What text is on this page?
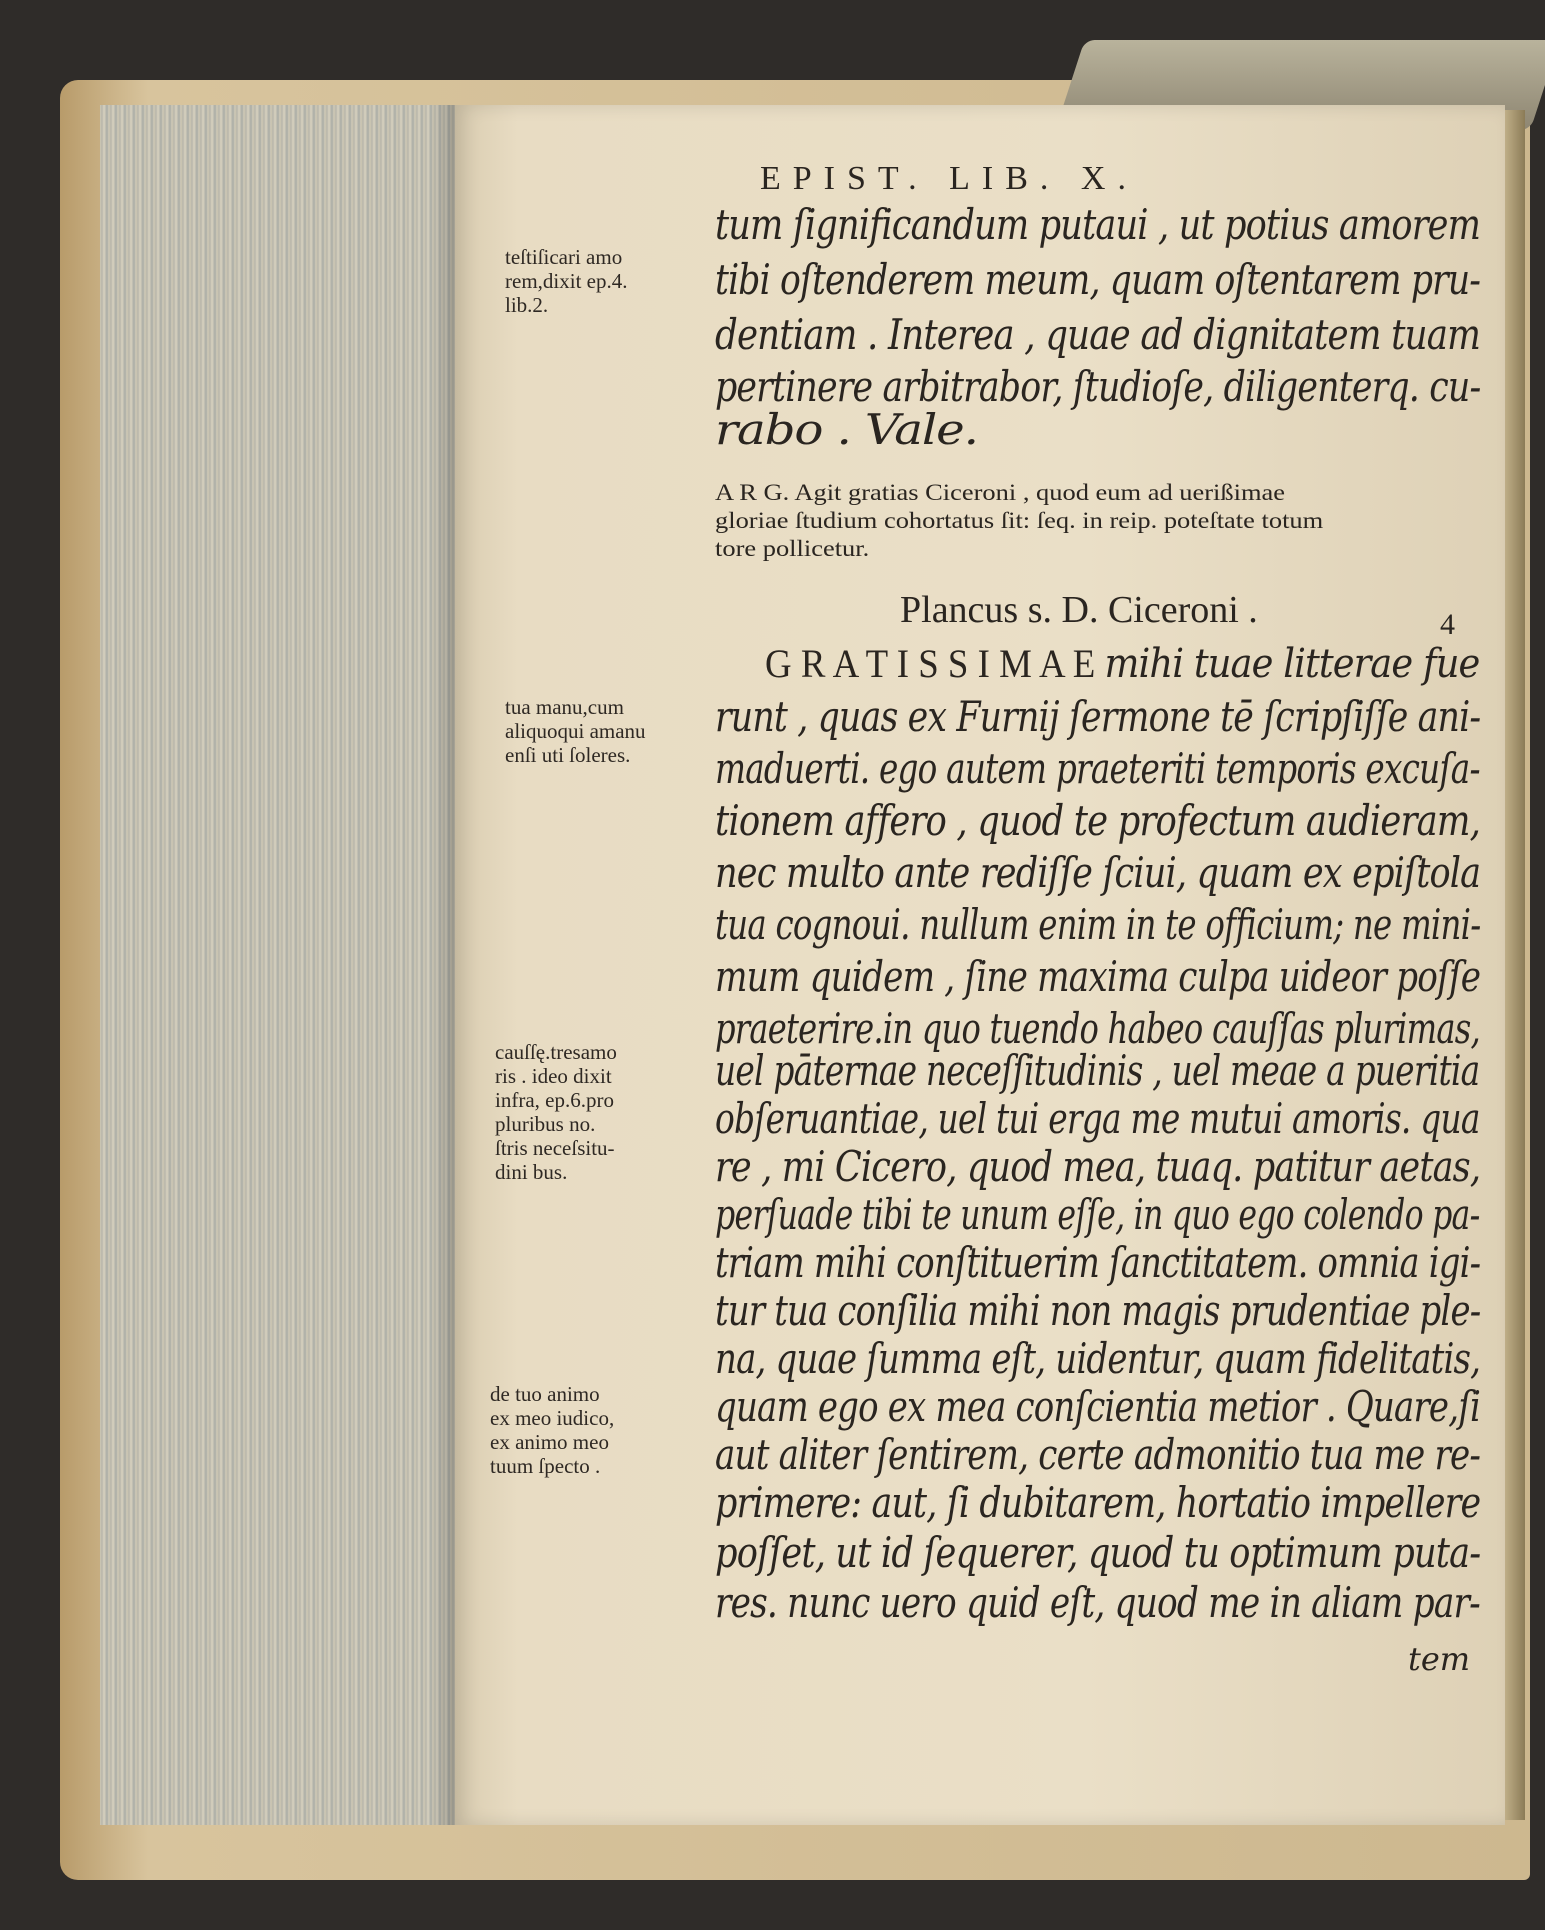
EPIST. LIB. X.
tum ſignificandum putaui , ut potius amorem
tibi oſtenderem meum, quam oſtentarem pru-
dentiam . Interea , quae ad dignitatem tuam
pertinere arbitrabor, ſtudioſe, diligenterq. cu-
rabo . Vale.
teſtiſicari amo
rem,dixit ep.4.
lib.2.
tua manu,cum
aliquoqui amanu
enſi uti ſoleres.
cauſſę.tresamo
ris . ideo dixit
infra, ep.6.pro
pluribus no.
ſtris neceſsitu-
dini bus.
de tuo animo
ex meo iudico,
ex animo meo
tuum ſpecto .
A R G. Agit gratias Ciceroni , quod eum ad uerißimae
gloriae ſtudium cohortatus ſit: ſeq. in reip. poteſtate totum
tore pollicetur.
Plancus s. D. Ciceroni .	4
G R A T I S S I M A E mihi tuae litterae fue
runt , quas ex Furnij ſermone tē ſcripſiſſe ani-
maduerti. ego autem praeteriti temporis excuſa-
tionem affero , quod te profectum audieram,
nec multo ante rediſſe ſciui, quam ex epiſtola
tua cognoui. nullum enim in te officium; ne mini-
mum quidem , ſine maxima culpa uideor poſſe
praeterire.in quo tuendo habeo cauſſas plurimas,
uel pāternae neceſſitudinis , uel meae a pueritia
obſeruantiae, uel tui erga me mutui amoris. qua
re , mi Cicero, quod mea, tuaq. patitur aetas,
perſuade tibi te unum eſſe, in quo ego colendo pa-
triam mihi conſtituerim ſanctitatem. omnia igi-
tur tua conſilia mihi non magis prudentiae ple-
na, quae ſumma eſt, uidentur, quam fidelitatis,
quam ego ex mea conſcientia metior . Quare,ſi
aut aliter ſentirem, certe admonitio tua me re-
primere: aut, ſi dubitarem, hortatio impellere
poſſet, ut id ſequerer, quod tu optimum puta-
res. nunc uero quid eſt, quod me in aliam par-
tem
